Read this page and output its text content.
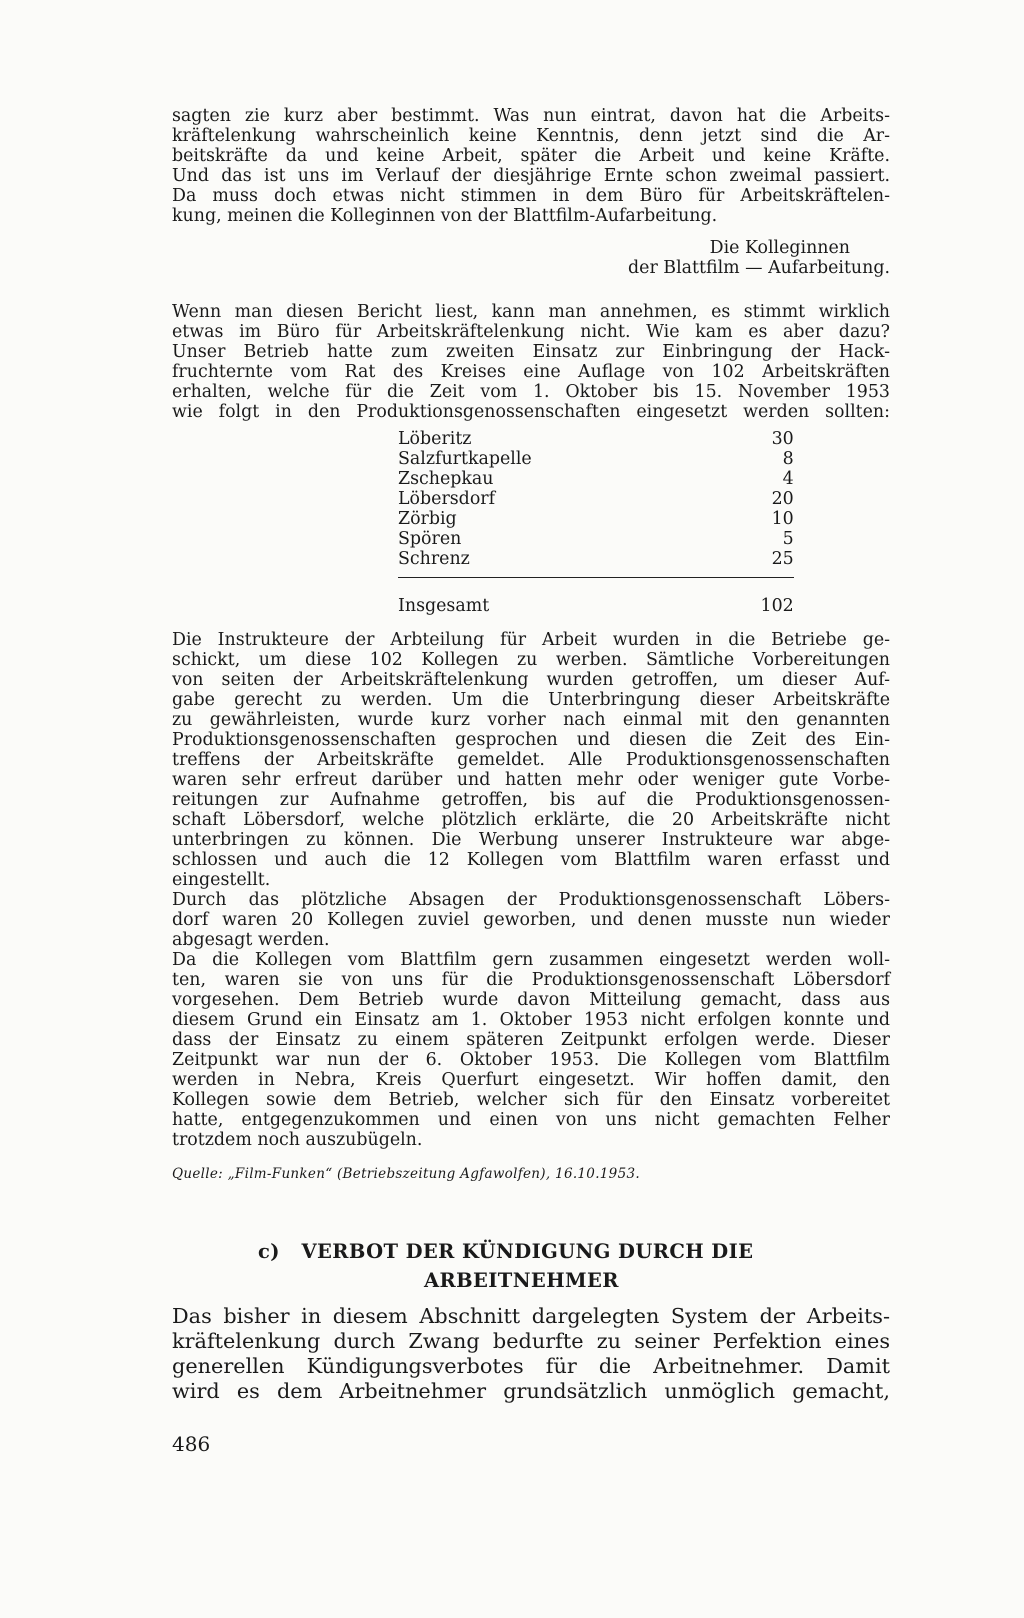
sagten zie kurz aber bestimmt. Was nun eintrat, davon hat die Arbeits-
kräftelenkung wahrscheinlich keine Kenntnis, denn jetzt sind die Ar-
beitskräfte da und keine Arbeit, später die Arbeit und keine Kräfte.
Und das ist uns im Verlauf der diesjährige Ernte schon zweimal passiert.
Da muss doch etwas nicht stimmen in dem Büro für Arbeitskräftelen-
kung, meinen die Kolleginnen von der Blattfilm-Aufarbeitung.
Die Kolleginnen
der Blattfilm — Aufarbeitung.
Wenn man diesen Bericht liest, kann man annehmen, es stimmt wirklich
etwas im Büro für Arbeitskräftelenkung nicht. Wie kam es aber dazu?
Unser Betrieb hatte zum zweiten Einsatz zur Einbringung der Hack-
fruchternte vom Rat des Kreises eine Auflage von 102 Arbeitskräften
erhalten, welche für die Zeit vom 1. Oktober bis 15. November 1953
wie folgt in den Produktionsgenossenschaften eingesetzt werden sollten:
Löberitz	30
Salzfurtkapelle	8
Zschepkau	4
Löbersdorf	20
Zörbig	10
Spören	5
Schrenz	25

Insgesamt	102
Die Instrukteure der Arbteilung für Arbeit wurden in die Betriebe ge-
schickt, um diese 102 Kollegen zu werben. Sämtliche Vorbereitungen
von seiten der Arbeitskräftelenkung wurden getroffen, um dieser Auf-
gabe gerecht zu werden. Um die Unterbringung dieser Arbeitskräfte
zu gewährleisten, wurde kurz vorher nach einmal mit den genannten
Produktionsgenossenschaften gesprochen und diesen die Zeit des Ein-
treffens der Arbeitskräfte gemeldet. Alle Produktionsgenossenschaften
waren sehr erfreut darüber und hatten mehr oder weniger gute Vorbe-
reitungen zur Aufnahme getroffen, bis auf die Produktionsgenossen-
schaft Löbersdorf, welche plötzlich erklärte, die 20 Arbeitskräfte nicht
unterbringen zu können. Die Werbung unserer Instrukteure war abge-
schlossen und auch die 12 Kollegen vom Blattfilm waren erfasst und
eingestellt.
Durch das plötzliche Absagen der Produktionsgenossenschaft Löbers-
dorf waren 20 Kollegen zuviel geworben, und denen musste nun wieder
abgesagt werden.
Da die Kollegen vom Blattfilm gern zusammen eingesetzt werden woll-
ten, waren sie von uns für die Produktionsgenossenschaft Löbersdorf
vorgesehen. Dem Betrieb wurde davon Mitteilung gemacht, dass aus
diesem Grund ein Einsatz am 1. Oktober 1953 nicht erfolgen konnte und
dass der Einsatz zu einem späteren Zeitpunkt erfolgen werde. Dieser
Zeitpunkt war nun der 6. Oktober 1953. Die Kollegen vom Blattfilm
werden in Nebra, Kreis Querfurt eingesetzt. Wir hoffen damit, den
Kollegen sowie dem Betrieb, welcher sich für den Einsatz vorbereitet
hatte, entgegenzukommen und einen von uns nicht gemachten Felher
trotzdem noch auszubügeln.
Quelle: „Film-Funken“ (Betriebszeitung Agfawolfen), 16.10.1953.
c) VERBOT DER KÜNDIGUNG DURCH DIE
ARBEITNEHMER
Das bisher in diesem Abschnitt dargelegten System der Arbeits-
kräftelenkung durch Zwang bedurfte zu seiner Perfektion eines
generellen Kündigungsverbotes für die Arbeitnehmer. Damit
wird es dem Arbeitnehmer grundsätzlich unmöglich gemacht,
486
